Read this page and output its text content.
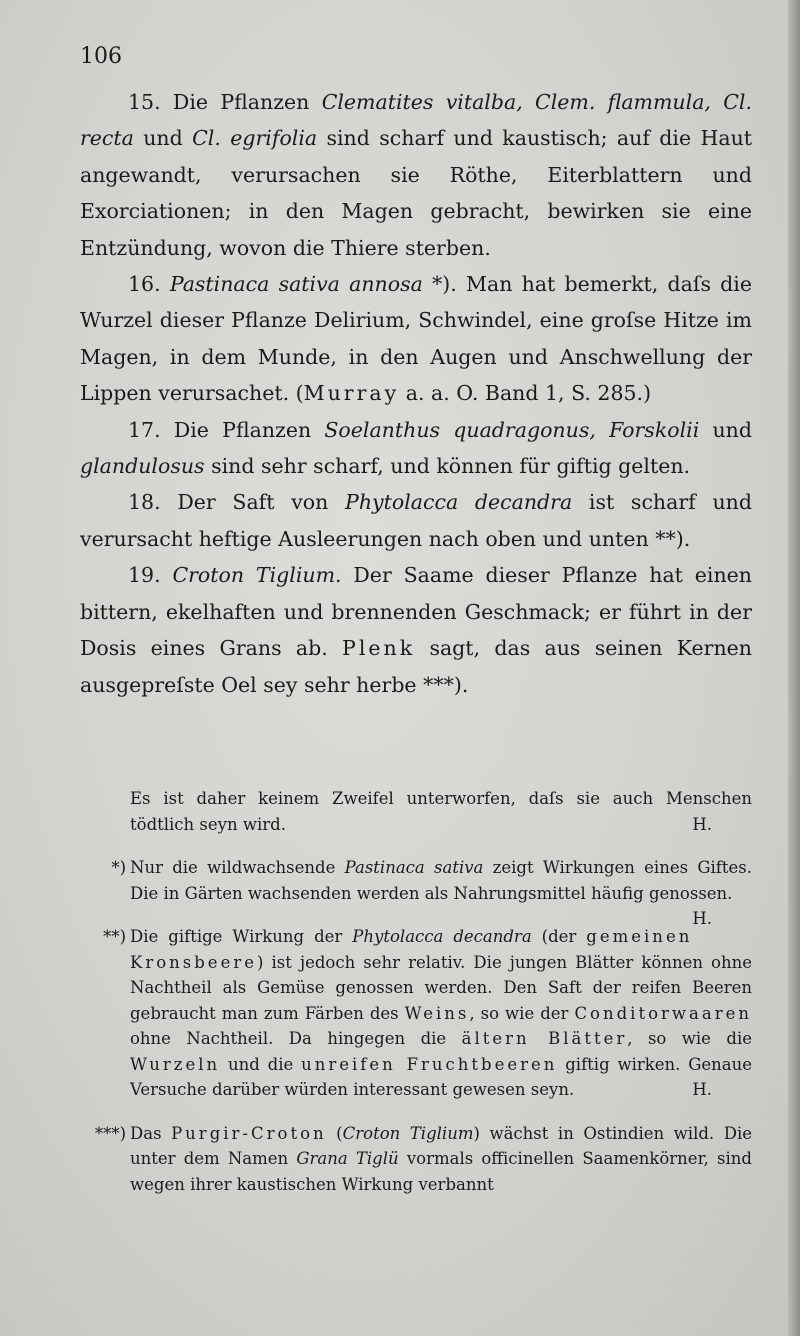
106

15. Die Pflanzen Clematites vitalba, Clem. flammula, Cl. recta und Cl. egrifolia sind scharf und kaustisch; auf die Haut angewandt, verursachen sie Röthe, Eiterblattern und Exorciationen; in den Magen gebracht, bewirken sie eine Entzündung, wovon die Thiere sterben.

16. Pastinaca sativa annosa *). Man hat bemerkt, daſs die Wurzel dieser Pflanze Delirium, Schwindel, eine groſse Hitze im Magen, in dem Munde, in den Augen und Anschwellung der Lippen verursachet. (Murray a. a. O. Band 1, S. 285.)

17. Die Pflanzen Soelanthus quadragonus, Forskolii und glandulosus sind sehr scharf, und können für giftig gelten.

18. Der Saft von Phytolacca decandra ist scharf und verursacht heftige Ausleerungen nach oben und unten **).

19. Croton Tiglium. Der Saame dieser Pflanze hat einen bittern, ekelhaften und brennenden Geschmack; er führt in der Dosis eines Grans ab. Plenk sagt, das aus seinen Kernen ausgepreſste Oel sey sehr herbe ***).

Es ist daher keinem Zweifel unterworfen, daſs sie auch Menschen tödtlich seyn wird.	H.

*) Nur die wildwachsende Pastinaca sativa zeigt Wirkungen eines Giftes. Die in Gärten wachsenden werden als Nahrungsmittel häufig genossen.
H.

**) Die giftige Wirkung der Phytolacca decandra (der gemeinen Kronsbeere) ist jedoch sehr relativ. Die jungen Blätter können ohne Nachtheil als Gemüse genossen werden. Den Saft der reifen Beeren gebraucht man zum Färben des Weins, so wie der Conditorwaaren ohne Nachtheil. Da hingegen die ältern Blätter, so wie die Wurzeln und die unreifen Fruchtbeeren giftig wirken. Genaue Versuche darüber würden interessant gewesen seyn.	H.

***) Das Purgir-Croton (Croton Tiglium) wächst in Ostindien wild. Die unter dem Namen Grana Tiglü vormals officinellen Saamenkörner, sind wegen ihrer kaustischen Wirkung verbannt
